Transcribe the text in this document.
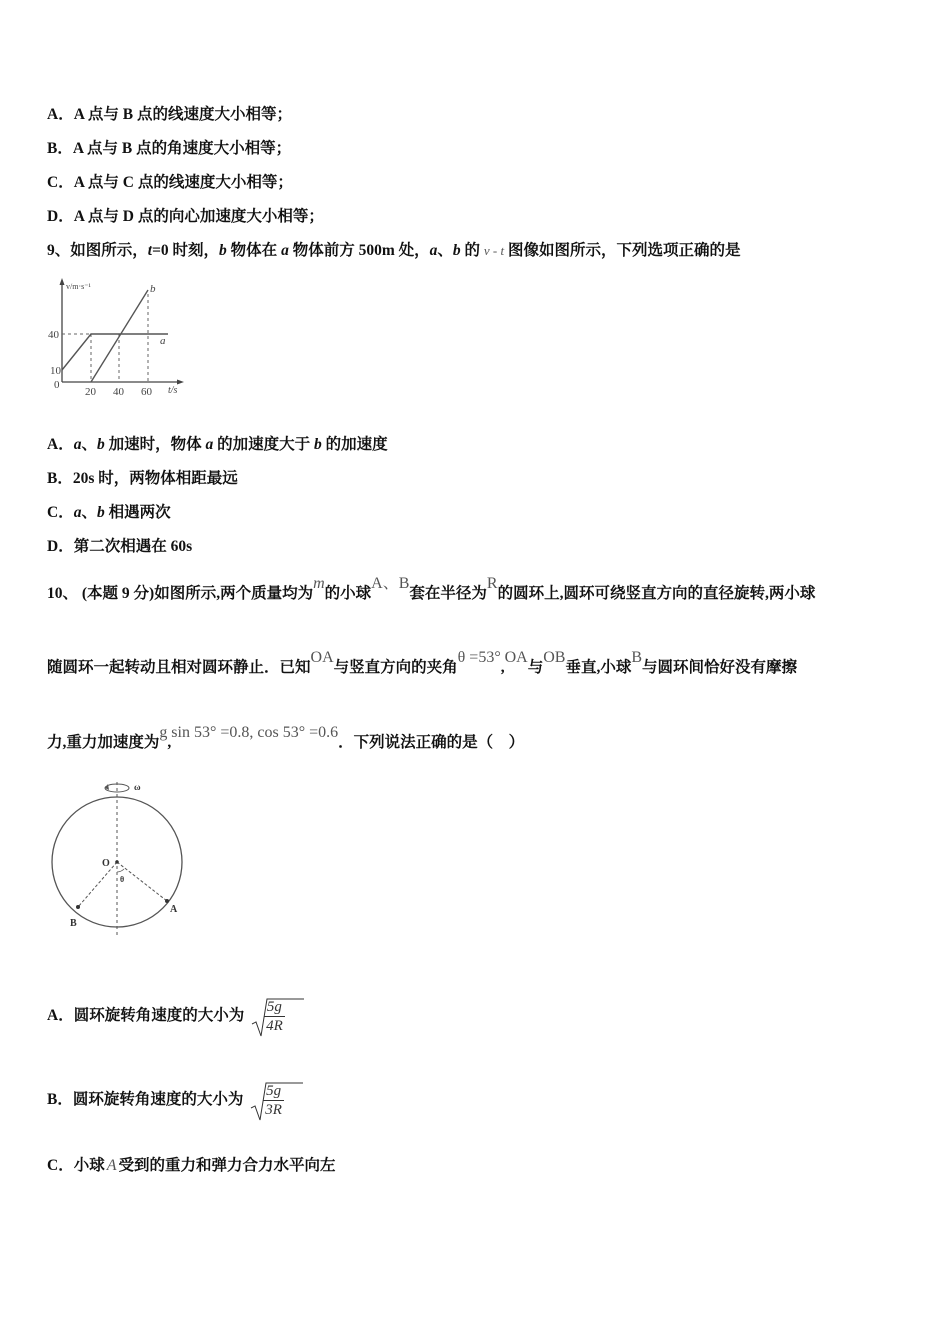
A．A 点与 B 点的线速度大小相等；
B．A 点与 B 点的角速度大小相等；
C．A 点与 C 点的线速度大小相等；
D．A 点与 D 点的向心加速度大小相等；
9、如图所示，t=0 时刻，b 物体在 a 物体前方 500m 处，a、b 的 v - t 图像如图所示，下列选项正确的是
v/m·s⁻¹
40
10
0
20 40 60 t/s
a
b
A．a、b 加速时，物体 a 的加速度大于 b 的加速度
B．20s 时，两物体相距最远
C．a、b 相遇两次
D．第二次相遇在 60s
10、 (本题 9 分)如图所示,两个质量均为m的小球A、B套在半径为R的圆环上,圆环可绕竖直方向的直径旋转,两小球
随圆环一起转动且相对圆环静止．已知OA与竖直方向的夹角θ =53°,OA与OB垂直,小球B与圆环间恰好没有摩擦
力,重力加速度为g,sin 53° =0.8, cos 53° =0.6．下列说法正确的是（　）
ω
O
A
B
θ
A．圆环旋转角速度的大小为 $\frac{5g}{4R}$
B．圆环旋转角速度的大小为 $\frac{5g}{3R}$
C．小球 A 受到的重力和弹力合力水平向左
